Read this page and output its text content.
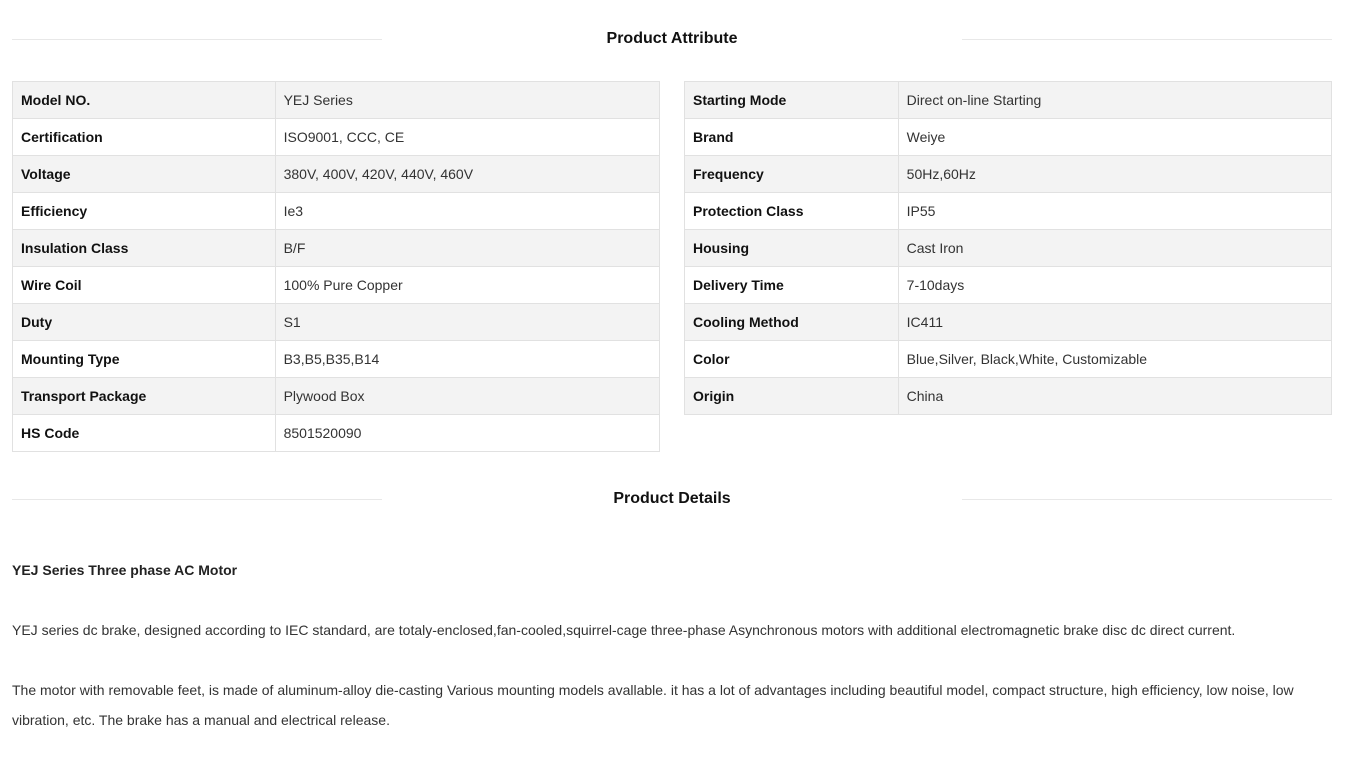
Product Attribute
Model NO.	YEJ Series
Certification	ISO9001, CCC, CE
Voltage	380V, 400V, 420V, 440V, 460V
Efficiency	Ie3
Insulation Class	B/F
Wire Coil	100% Pure Copper
Duty	S1
Mounting Type	B3,B5,B35,B14
Transport Package	Plywood Box
HS Code	8501520090
Starting Mode	Direct on-line Starting
Brand	Weiye
Frequency	50Hz,60Hz
Protection Class	IP55
Housing	Cast Iron
Delivery Time	7-10days
Cooling Method	IC411
Color	Blue,Silver, Black,White, Customizable
Origin	China
Product Details

YEJ Series Three phase AC Motor

YEJ series dc brake, designed according to IEC standard, are totaly-enclosed,fan-cooled,squirrel-cage three-phase Asynchronous motors with additional electromagnetic brake disc dc direct current.

The motor with removable feet, is made of aluminum-alloy die-casting Various mounting models avallable. it has a lot of advantages including beautiful model, compact structure, high efficiency, low noise, low vibration, etc. The brake has a manual and electrical release.
